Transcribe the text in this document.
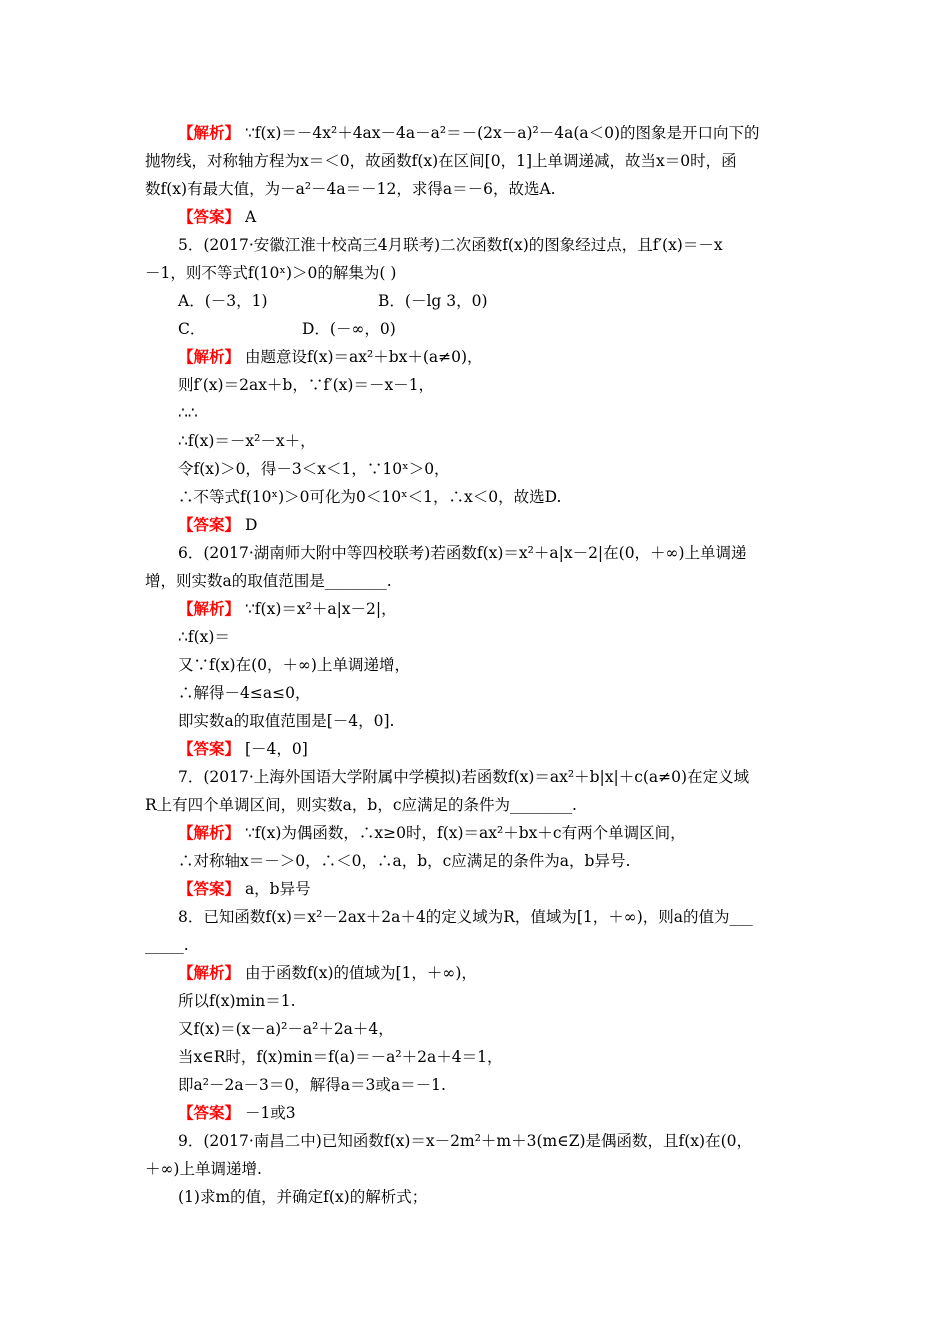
【解析】 ∵f(x)＝－4x²＋4ax－4a－a²＝－(2x－a)²－4a(a＜0)的图象是开口向下的
抛物线，对称轴方程为x＝＜0，故函数f(x)在区间[0，1]上单调递减，故当x＝0时，函
数f(x)有最大值，为－a²－4a＝－12，求得a＝－6，故选A.
【答案】 A
5．(2017·安徽江淮十校高三4月联考)二次函数f(x)的图象经过点，且f′(x)＝－x
－1，则不等式f(10ˣ)＞0的解集为( )
A．(－3，1)	B．(－lg 3，0)
C．	D．(－∞，0)
【解析】 由题意设f(x)＝ax²＋bx＋(a≠0)，
则f′(x)＝2ax＋b，∵f′(x)＝－x－1，
∴∴
∴f(x)＝－x²－x＋，
令f(x)＞0，得－3＜x＜1，∵10ˣ＞0，
∴不等式f(10ˣ)＞0可化为0＜10ˣ＜1，∴x＜0，故选D.
【答案】 D
6．(2017·湖南师大附中等四校联考)若函数f(x)＝x²＋a|x－2|在(0，＋∞)上单调递
增，则实数a的取值范围是________.
【解析】 ∵f(x)＝x²＋a|x－2|，
∴f(x)＝
又∵f(x)在(0，＋∞)上单调递增，
∴解得－4≤a≤0，
即实数a的取值范围是[－4，0].
【答案】 [－4，0]
7．(2017·上海外国语大学附属中学模拟)若函数f(x)＝ax²＋b|x|＋c(a≠0)在定义域
R上有四个单调区间，则实数a，b，c应满足的条件为________.
【解析】 ∵f(x)为偶函数，∴x≥0时，f(x)＝ax²＋bx＋c有两个单调区间，
∴对称轴x＝－＞0，∴＜0，∴a，b，c应满足的条件为a，b异号.
【答案】 a，b异号
8．已知函数f(x)＝x²－2ax＋2a＋4的定义域为R，值域为[1，＋∞)，则a的值为___
_____.
【解析】 由于函数f(x)的值域为[1，＋∞)，
所以f(x)min＝1.
又f(x)＝(x－a)²－a²＋2a＋4，
当x∈R时，f(x)min＝f(a)＝－a²＋2a＋4＝1，
即a²－2a－3＝0，解得a＝3或a＝－1.
【答案】 －1或3
9．(2017·南昌二中)已知函数f(x)＝x－2m²＋m＋3(m∈Z)是偶函数，且f(x)在(0，
＋∞)上单调递增.
(1)求m的值，并确定f(x)的解析式；
